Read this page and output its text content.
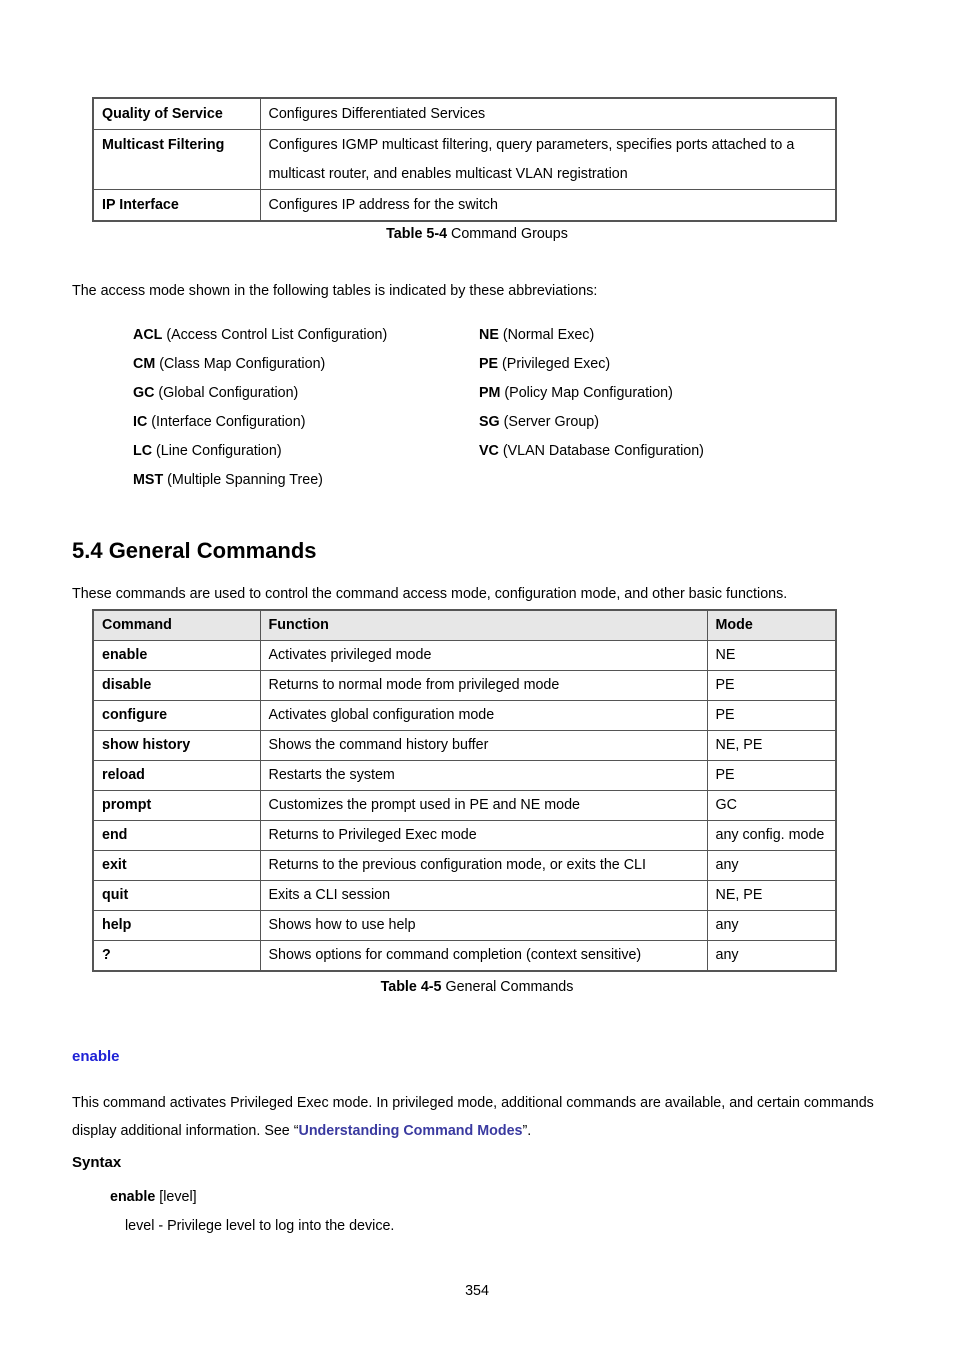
Quality of Service	Configures Differentiated Services
Multicast Filtering	Configures IGMP multicast filtering, query parameters, specifies ports attached to a multicast router, and enables multicast VLAN registration
IP Interface	Configures IP address for the switch
Table 5-4 Command Groups
The access mode shown in the following tables is indicated by these abbreviations:
ACL (Access Control List Configuration)
CM (Class Map Configuration)
GC (Global Configuration)
IC (Interface Configuration)
LC (Line Configuration)
MST (Multiple Spanning Tree)
NE (Normal Exec)
PE (Privileged Exec)
PM (Policy Map Configuration)
SG (Server Group)
VC (VLAN Database Configuration)
5.4 General Commands
These commands are used to control the command access mode, configuration mode, and other basic functions.
Command	Function	Mode
enable	Activates privileged mode	NE
disable	Returns to normal mode from privileged mode	PE
configure	Activates global configuration mode	PE
show history	Shows the command history buffer	NE, PE
reload	Restarts the system	PE
prompt	Customizes the prompt used in PE and NE mode	GC
end	Returns to Privileged Exec mode	any config. mode
exit	Returns to the previous configuration mode, or exits the CLI	any
quit	Exits a CLI session	NE, PE
help	Shows how to use help	any
?	Shows options for command completion (context sensitive)	any
Table 4-5 General Commands
enable
This command activates Privileged Exec mode. In privileged mode, additional commands are available, and certain commands display additional information. See “Understanding Command Modes”.
Syntax
enable [level]
level - Privilege level to log into the device.
354
